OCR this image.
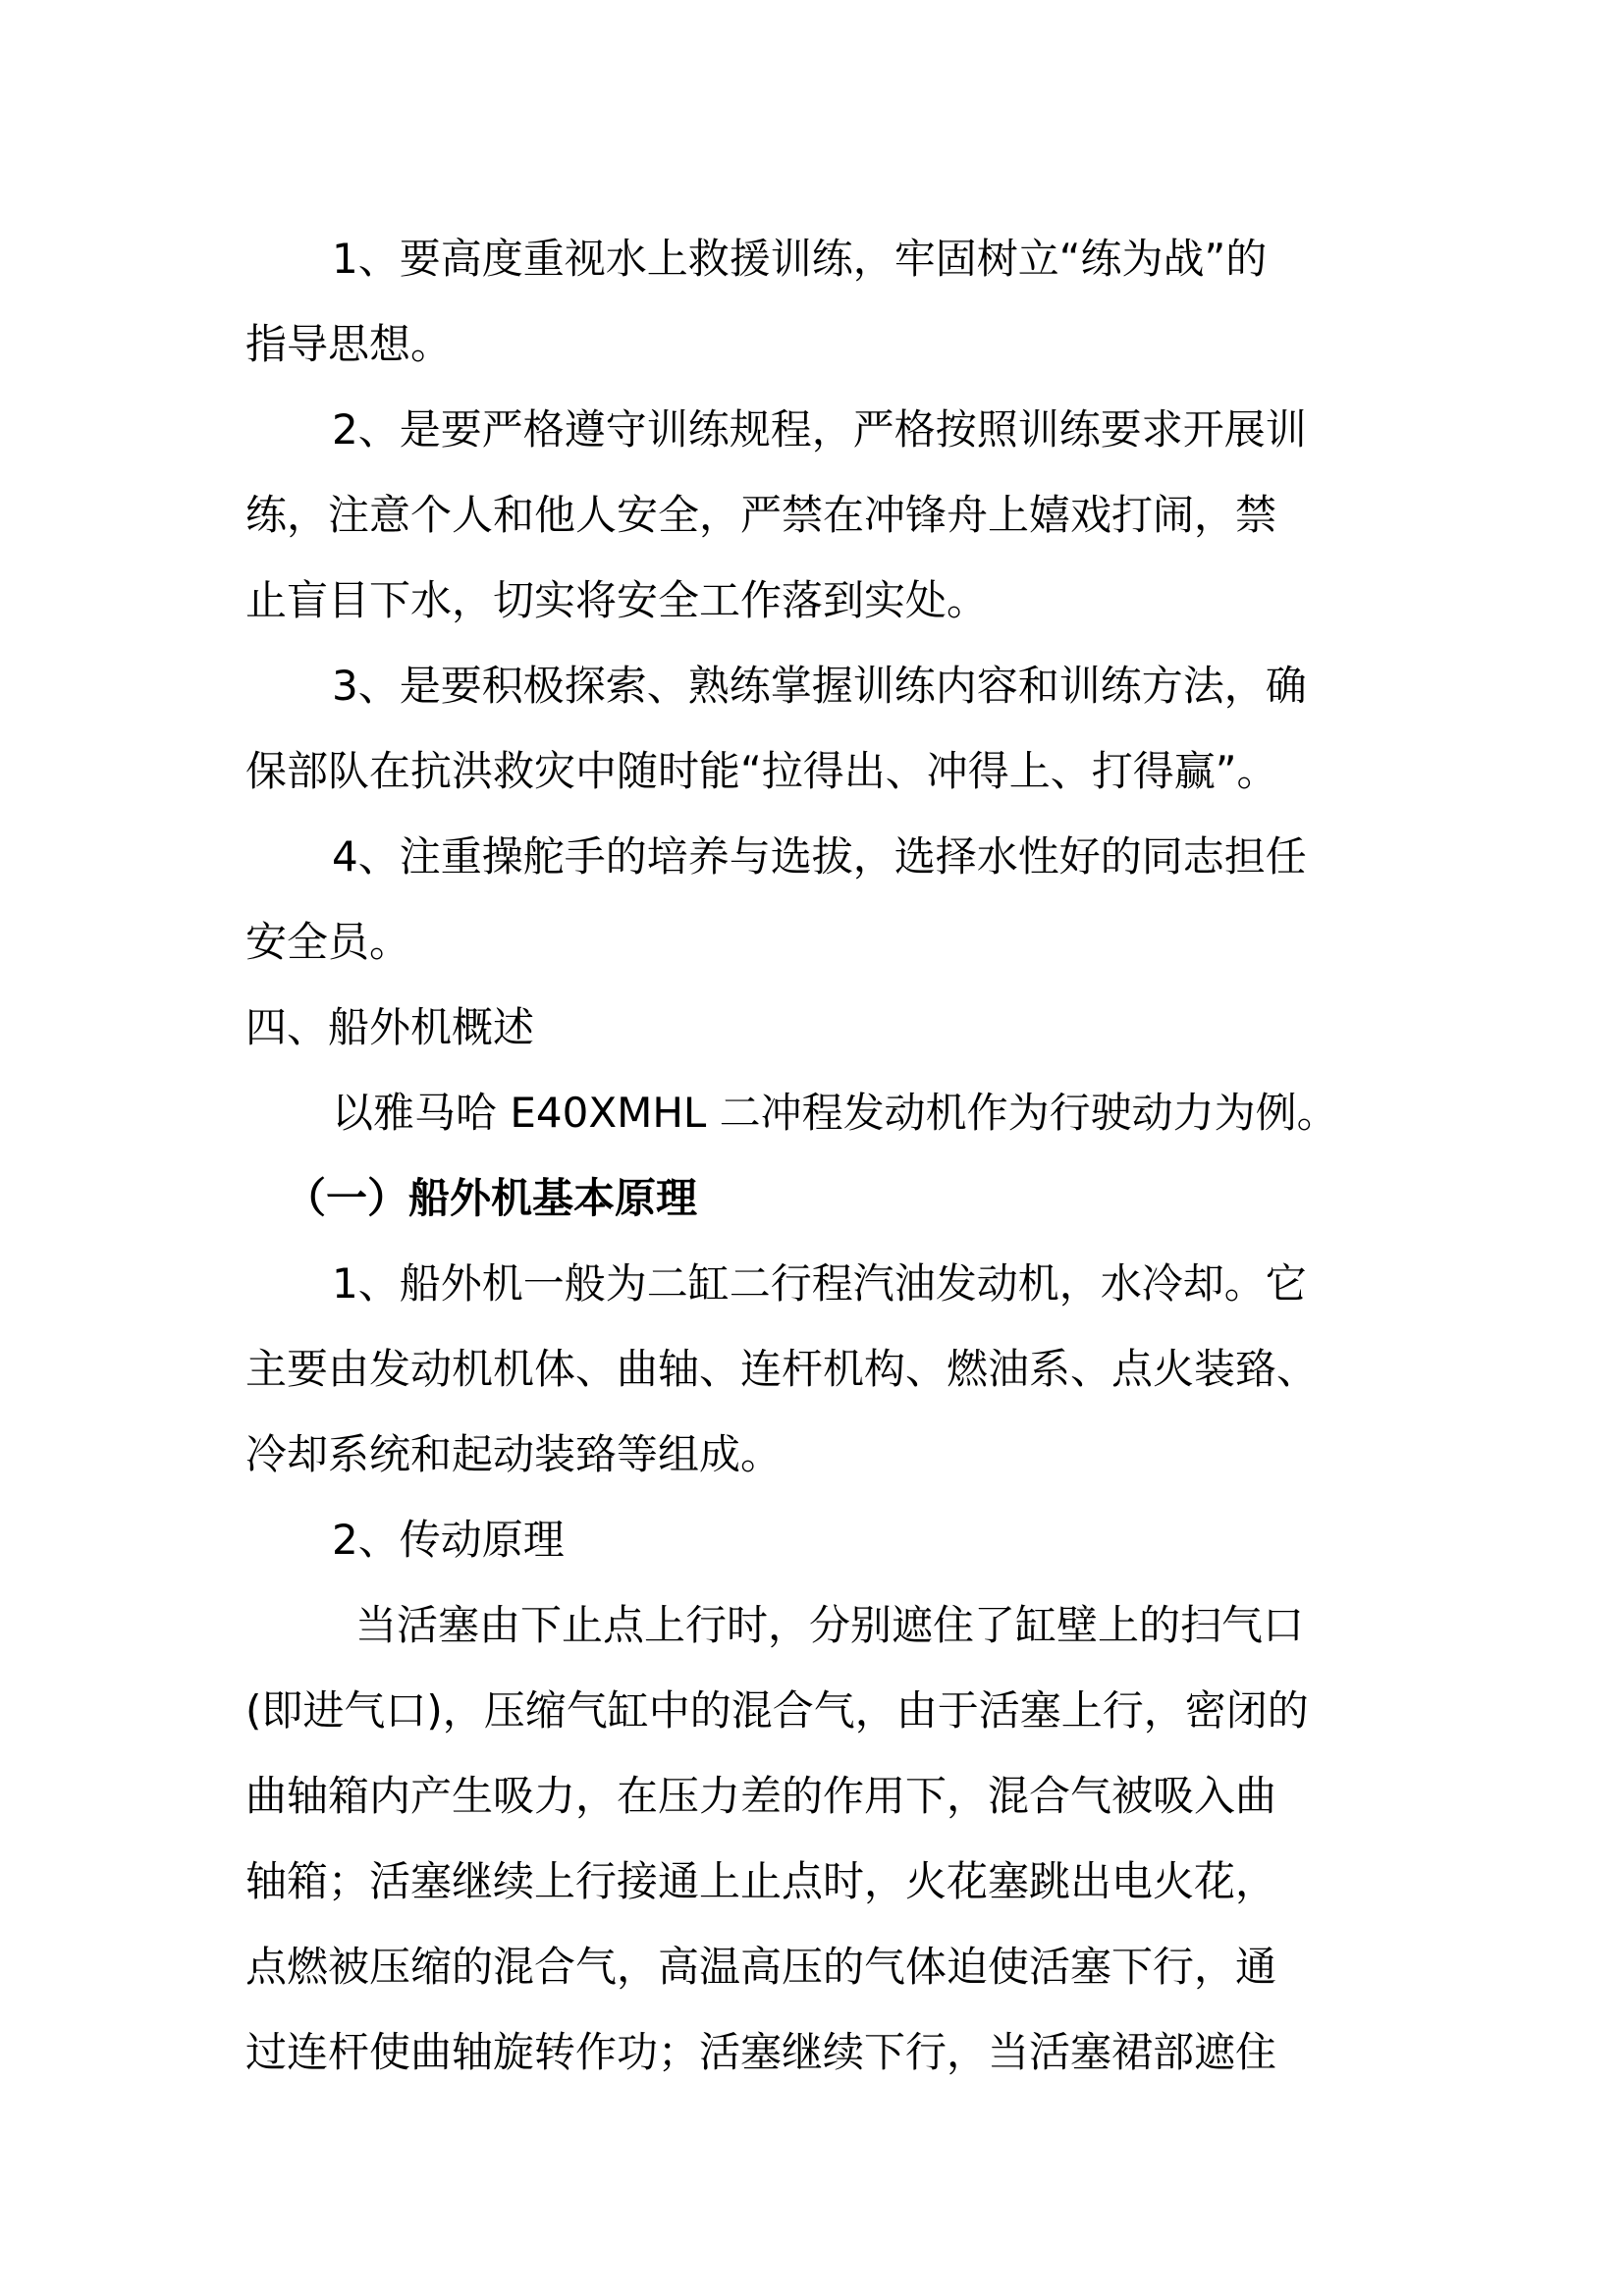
1、要高度重视水上救援训练，牢固树立“练为战”的
指导思想。
2、是要严格遵守训练规程，严格按照训练要求开展训
练，注意个人和他人安全，严禁在冲锋舟上嬉戏打闹，禁
止盲目下水，切实将安全工作落到实处。
3、是要积极探索、熟练掌握训练内容和训练方法，确
保部队在抗洪救灾中随时能“拉得出、冲得上、打得赢”。
4、注重操舵手的培养与选拔，选择水性好的同志担任
安全员。
四、船外机概述
以雅马哈 E40XMHL 二冲程发动机作为行驶动力为例。
（一）船外机基本原理
1、船外机一般为二缸二行程汽油发动机，水冷却。它
主要由发动机机体、曲轴、连杆机构、燃油系、点火装臵、
冷却系统和起动装臵等组成。
2、传动原理
当活塞由下止点上行时，分别遮住了缸壁上的扫气口
(即进气口)，压缩气缸中的混合气，由于活塞上行，密闭的
曲轴箱内产生吸力，在压力差的作用下，混合气被吸入曲
轴箱；活塞继续上行接通上止点时，火花塞跳出电火花，
点燃被压缩的混合气，高温高压的气体迫使活塞下行，通
过连杆使曲轴旋转作功；活塞继续下行，当活塞裙部遮住
